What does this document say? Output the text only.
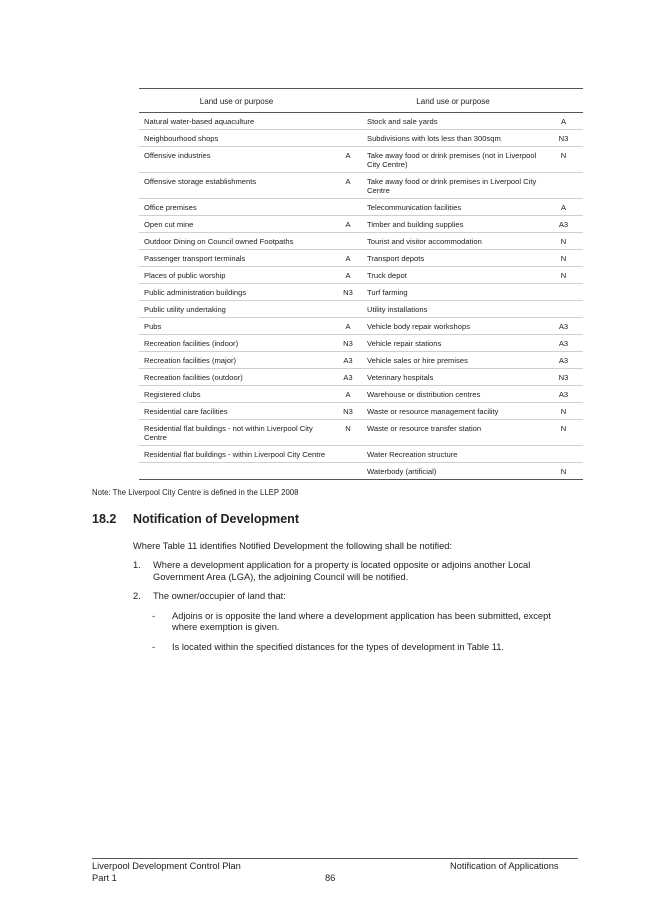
Land use or purpose		Land use or purpose	
Natural water-based aquaculture		Stock and sale yards	A
Neighbourhood shops		Subdivisions with lots less than 300sqm	N3
Offensive industries	A	Take away food or drink premises (not in Liverpool City Centre)	N
Offensive storage establishments	A	Take away food or drink premises in Liverpool City Centre	
Office premises		Telecommunication facilities	A
Open cut mine	A	Timber and building supplies	A3
Outdoor Dining on Council owned Footpaths		Tourist and visitor accommodation	N
Passenger transport terminals	A	Transport depots	N
Places of public worship	A	Truck depot	N
Public administration buildings	N3	Turf farming	
Public utility undertaking		Utility installations	
Pubs	A	Vehicle body repair workshops	A3
Recreation facilities (indoor)	N3	Vehicle repair stations	A3
Recreation facilities (major)	A3	Vehicle sales or hire premises	A3
Recreation facilities (outdoor)	A3	Veterinary hospitals	N3
Registered clubs	A	Warehouse or distribution centres	A3
Residential care facilities	N3	Waste or resource management facility	N
Residential flat buildings - not within Liverpool City Centre	N	Waste or resource transfer station	N
Residential flat buildings - within Liverpool City Centre		Water Recreation structure	
		Waterbody (artificial)	N
Note: The Liverpool City Centre is defined in the LLEP 2008
18.2 Notification of Development
Where Table 11 identifies Notified Development the following shall be notified:
1. Where a development application for a property is located opposite or adjoins another Local Government Area (LGA), the adjoining Council will be notified.
2. The owner/occupier of land that:
- Adjoins or is opposite the land where a development application has been submitted, except where exemption is given.
- Is located within the specified distances for the types of development in Table 11.
Liverpool Development Control Plan
Part 1	86
Notification of Applications
